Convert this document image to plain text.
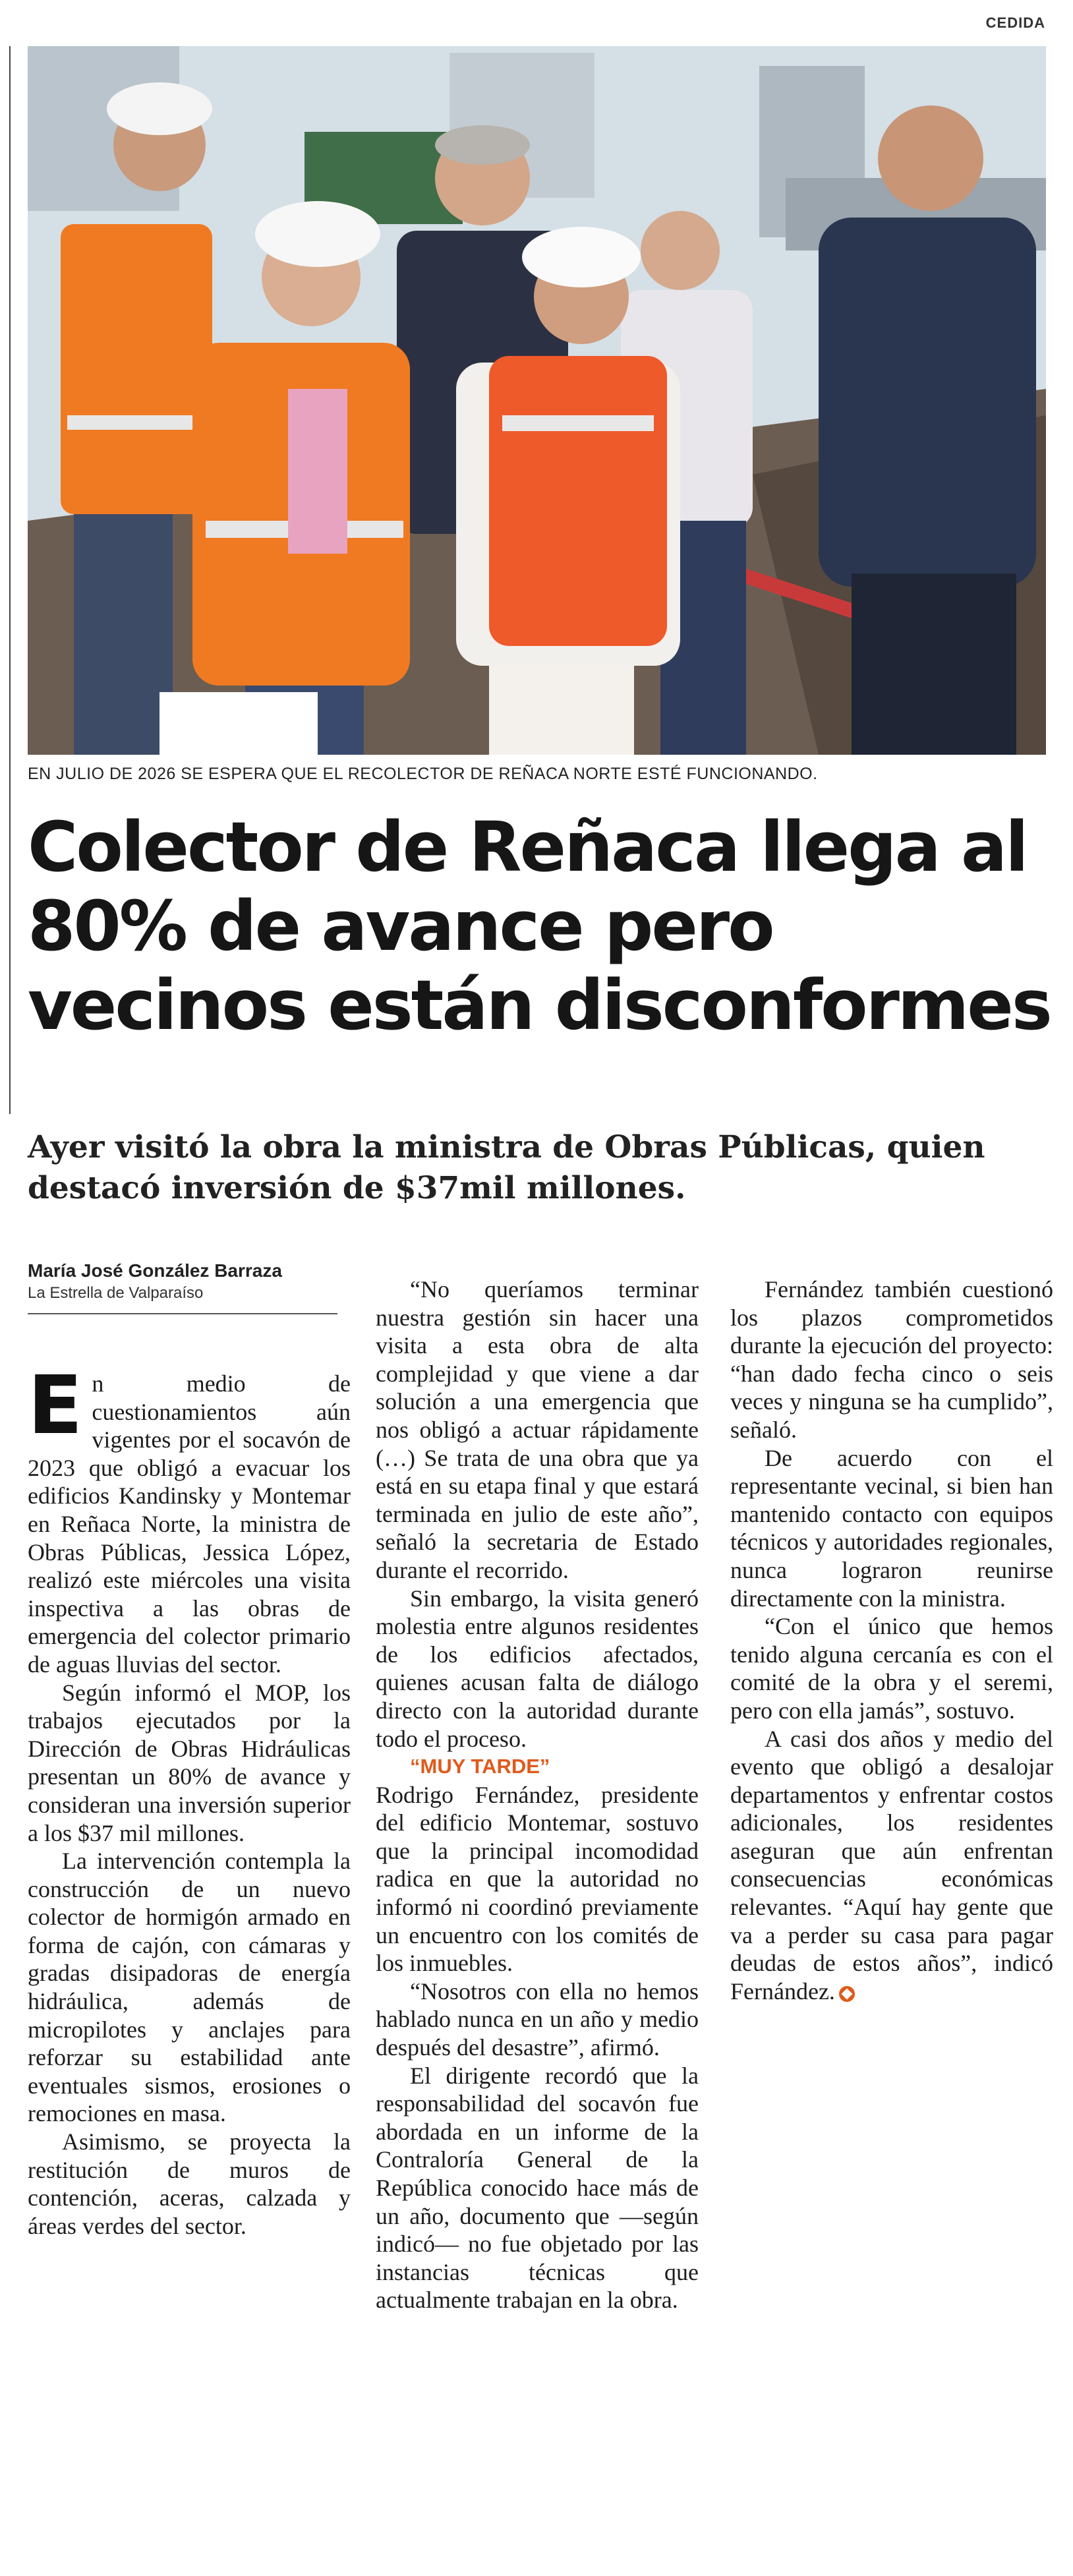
CEDIDA
EN JULIO DE 2026 SE ESPERA QUE EL RECOLECTOR DE REÑACA NORTE ESTÉ FUNCIONANDO.
Colector de Reñaca llega al
80% de avance pero
vecinos están disconformes
Ayer visitó la obra la ministra de Obras Públicas, quien
destacó inversión de $37mil millones.
María José González Barraza
La Estrella de Valparaíso

En medio de cuestionamientos aún vigentes por el socavón de 2023 que obligó a evacuar los edificios Kandinsky y Montemar en Reñaca Norte, la ministra de Obras Públicas, Jessica López, realizó este miércoles una visita inspectiva a las obras de emergencia del colector primario de aguas lluvias del sector.

Según informó el MOP, los trabajos ejecutados por la Dirección de Obras Hidráulicas presentan un 80% de avance y consideran una inversión superior a los $37 mil millones.

La intervención contempla la construcción de un nuevo colector de hormigón armado en forma de cajón, con cámaras y gradas disipadoras de energía hidráulica, además de micropilotes y anclajes para reforzar su estabilidad ante eventuales sismos, erosiones o remociones en masa.

Asimismo, se proyecta la restitución de muros de contención, aceras, calzada y áreas verdes del sector.

“No queríamos terminar nuestra gestión sin hacer una visita a esta obra de alta complejidad y que viene a dar solución a una emergencia que nos obligó a actuar rápidamente (…) Se trata de una obra que ya está en su etapa final y que estará terminada en julio de este año”, señaló la secretaria de Estado durante el recorrido.

Sin embargo, la visita generó molestia entre algunos residentes de los edificios afectados, quienes acusan falta de diálogo directo con la autoridad durante todo el proceso.

“MUY TARDE”

Rodrigo Fernández, presidente del edificio Montemar, sostuvo que la principal incomodidad radica en que la autoridad no informó ni coordinó previamente un encuentro con los comités de los inmuebles.

“Nosotros con ella no hemos hablado nunca en un año y medio después del desastre”, afirmó.

El dirigente recordó que la responsabilidad del socavón fue abordada en un informe de la Contraloría General de la República conocido hace más de un año, documento que —según indicó— no fue objetado por las instancias técnicas que actualmente trabajan en la obra.

Fernández también cuestionó los plazos comprometidos durante la ejecución del proyecto: “han dado fecha cinco o seis veces y ninguna se ha cumplido”, señaló.

De acuerdo con el representante vecinal, si bien han mantenido contacto con equipos técnicos y autoridades regionales, nunca lograron reunirse directamente con la ministra.

“Con el único que hemos tenido alguna cercanía es con el comité de la obra y el seremi, pero con ella jamás”, sostuvo.

A casi dos años y medio del evento que obligó a desalojar departamentos y enfrentar costos adicionales, los residentes aseguran que aún enfrentan consecuencias económicas relevantes. “Aquí hay gente que va a perder su casa para pagar deudas de estos años”, indicó Fernández.
